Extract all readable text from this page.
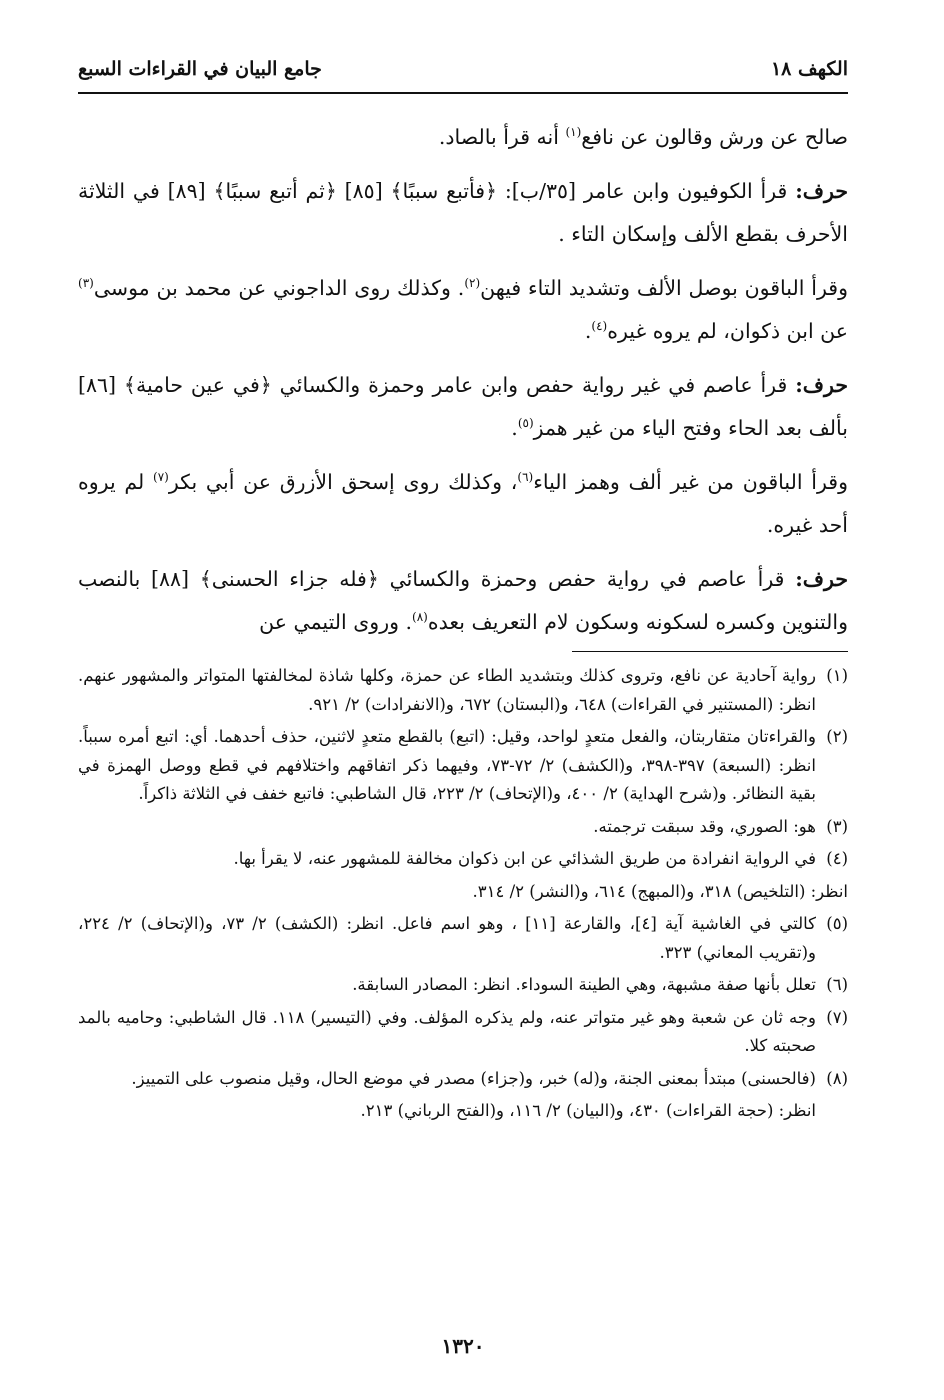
الكهف ١٨
جامع البيان في القراءات السبع

صالح عن ورش وقالون عن نافع$^{(١)}$ أنه قرأ بالصاد.

حرف: قرأ الكوفيون وابن عامر [٣٥/ب]: ﴿فأتبع سببًا﴾ [٨٥] ﴿ثم أتبع سببًا﴾ [٨٩] في الثلاثة الأحرف بقطع الألف وإسكان التاء .

وقرأ الباقون بوصل الألف وتشديد التاء فيهن$^{(٢)}$. وكذلك روى الداجوني عن محمد بن موسى$^{(٣)}$ عن ابن ذكوان، لم يروه غيره$^{(٤)}$.

حرف: قرأ عاصم في غير رواية حفص وابن عامر وحمزة والكسائي ﴿في عين حامية﴾ [٨٦] بألف بعد الحاء وفتح الياء من غير همز$^{(٥)}$.

وقرأ الباقون من غير ألف وهمز الياء$^{(٦)}$، وكذلك روى إسحق الأزرق عن أبي بكر$^{(٧)}$ لم يروه أحد غيره.

حرف: قرأ عاصم في رواية حفص وحمزة والكسائي ﴿فله جزاء الحسنى﴾ [٨٨] بالنصب والتنوين وكسره لسكونه وسكون لام التعريف بعده$^{(٨)}$. وروى التيمي عن

(١)
رواية آحادية عن نافع، وتروى كذلك وبتشديد الطاء عن حمزة، وكلها شاذة لمخالفتها المتواتر والمشهور عنهم. انظر: (المستنير في القراءات) ٦٤٨، و(البستان) ٦٧٢، و(الانفرادات) ٢/ ٩٢١.

(٢)
والقراءتان متقاربتان، والفعل متعدٍ لواحد، وقيل: (اتبع) بالقطع متعدٍ لاثنين، حذف أحدهما. أي: اتبع أمره سبباً. انظر: (السبعة) ٣٩٧-٣٩٨، و(الكشف) ٢/ ٧٢-٧٣، وفيهما ذكر اتفاقهم واختلافهم في قطع ووصل الهمزة في بقية النظائر. و(شرح الهداية) ٢/ ٤٠٠، و(الإتحاف) ٢/ ٢٢٣، قال الشاطبي: فاتبع خفف في الثلاثة ذاكراً.

(٣)
هو: الصوري، وقد سبقت ترجمته.

(٤)
في الرواية انفرادة من طريق الشذائي عن ابن ذكوان مخالفة للمشهور عنه، لا يقرأ بها.

انظر: (التلخيص) ٣١٨، و(المبهج) ٦١٤، و(النشر) ٢/ ٣١٤.

(٥)
كالتي في الغاشية آية [٤]، والقارعة [١١] ، وهو اسم فاعل. انظر: (الكشف) ٢/ ٧٣، و(الإتحاف) ٢/ ٢٢٤، و(تقريب المعاني) ٣٢٣.

(٦)
تعلل بأنها صفة مشبهة، وهي الطينة السوداء. انظر: المصادر السابقة.

(٧)
وجه ثان عن شعبة وهو غير متواتر عنه، ولم يذكره المؤلف. وفي (التيسير) ١١٨. قال الشاطبي: وحاميه بالمد صحبته كلا.

(٨)
(فالحسنى) مبتدأ بمعنى الجنة، و(له) خبر، و(جزاء) مصدر في موضع الحال، وقيل منصوب على التمييز.

انظر: (حجة القراءات) ٤٣٠، و(البيان) ٢/ ١١٦، و(الفتح الرباني) ٢١٣.

١٣٢٠
